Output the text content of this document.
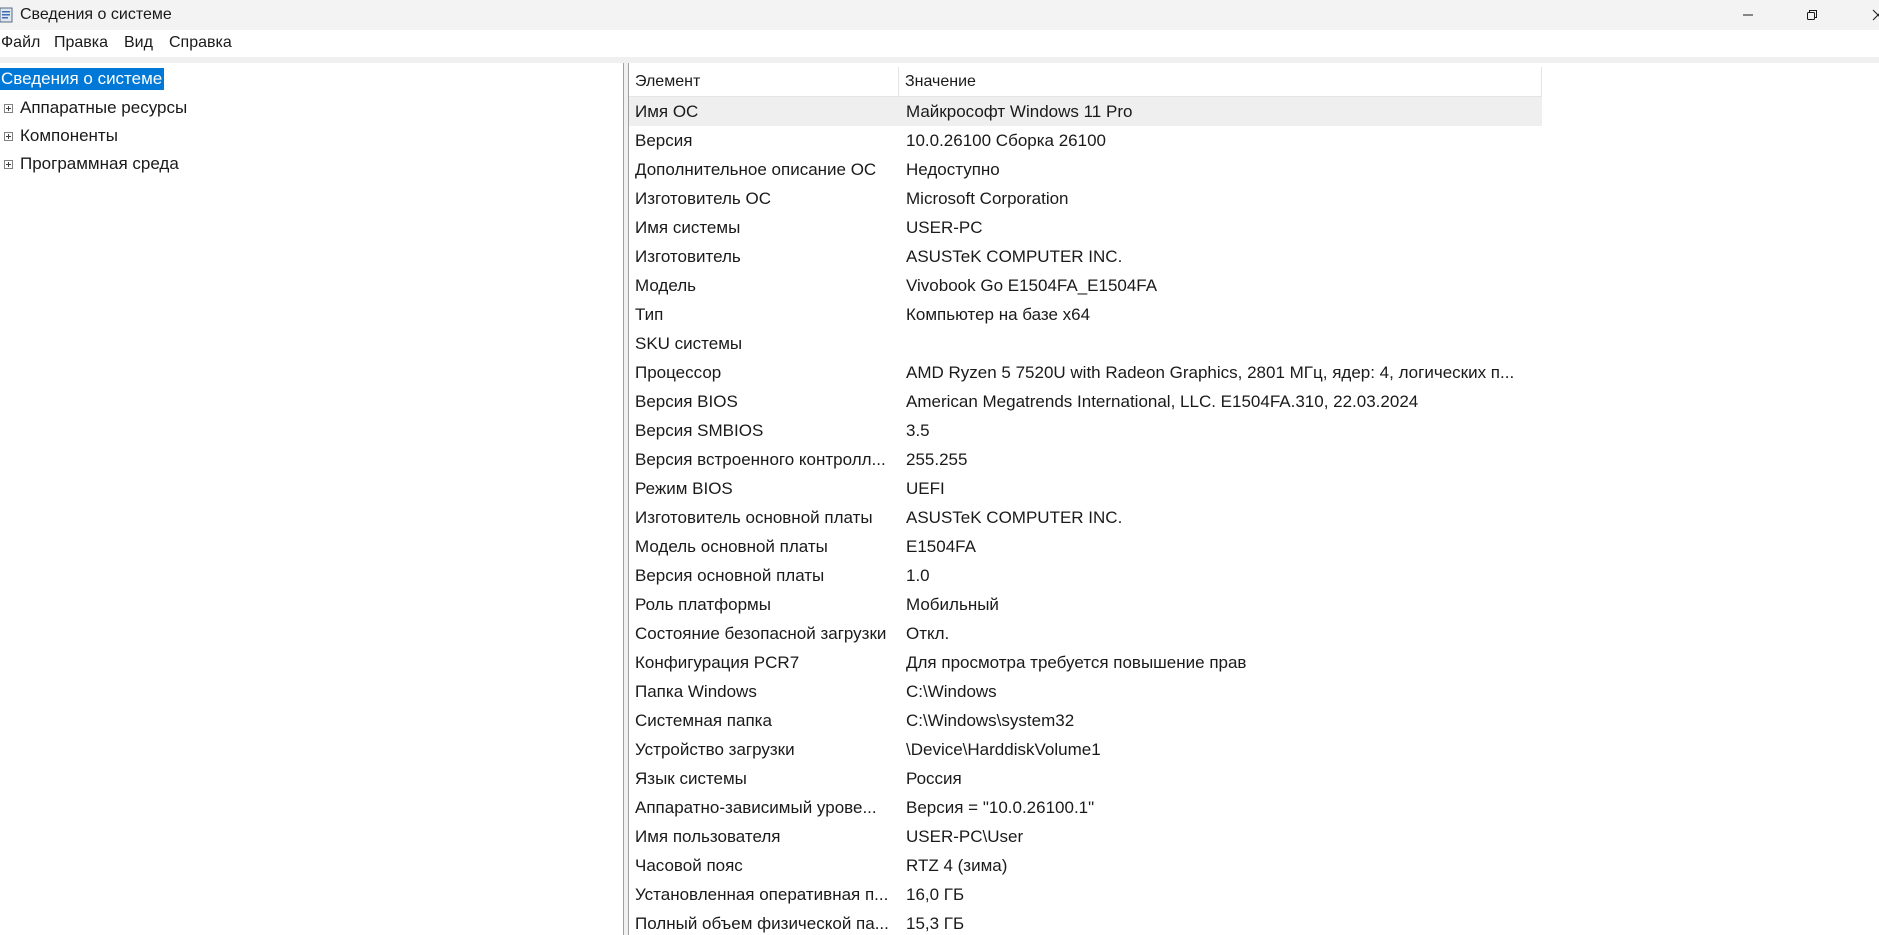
Сведения о системе
Файл Правка Вид Справка
Сведения о системе
Аппаратные ресурсы
Компоненты
Программная среда
Элемент	Значение
Имя ОС	Майкрософт Windows 11 Pro
Версия	10.0.26100 Сборка 26100
Дополнительное описание ОС	Недоступно
Изготовитель ОС	Microsoft Corporation
Имя системы	USER-PC
Изготовитель	ASUSTeK COMPUTER INC.
Модель	Vivobook Go E1504FA_E1504FA
Тип	Компьютер на базе x64
SKU системы
Процессор	AMD Ryzen 5 7520U with Radeon Graphics, 2801 МГц, ядер: 4, логических п...
Версия BIOS	American Megatrends International, LLC. E1504FA.310, 22.03.2024
Версия SMBIOS	3.5
Версия встроенного контролл...	255.255
Режим BIOS	UEFI
Изготовитель основной платы	ASUSTeK COMPUTER INC.
Модель основной платы	E1504FA
Версия основной платы	1.0
Роль платформы	Мобильный
Состояние безопасной загрузки	Откл.
Конфигурация PCR7	Для просмотра требуется повышение прав
Папка Windows	C:\Windows
Системная папка	C:\Windows\system32
Устройство загрузки	\Device\HarddiskVolume1
Язык системы	Россия
Аппаратно-зависимый урове...	Версия = "10.0.26100.1"
Имя пользователя	USER-PC\User
Часовой пояс	RTZ 4 (зима)
Установленная оперативная п...	16,0 ГБ
Полный объем физической па...	15,3 ГБ
